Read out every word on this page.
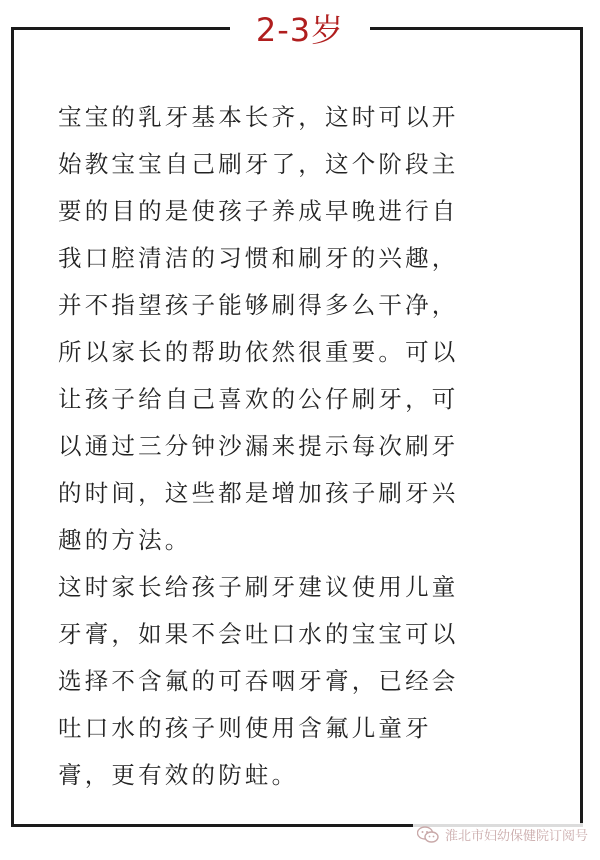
2-3岁

宝宝的乳牙基本长齐，这时可以开
始教宝宝自己刷牙了，这个阶段主
要的目的是使孩子养成早晚进行自
我口腔清洁的习惯和刷牙的兴趣，
并不指望孩子能够刷得多么干净，
所以家长的帮助依然很重要。可以
让孩子给自己喜欢的公仔刷牙，可
以通过三分钟沙漏来提示每次刷牙
的时间，这些都是增加孩子刷牙兴
趣的方法。

这时家长给孩子刷牙建议使用儿童
牙膏，如果不会吐口水的宝宝可以
选择不含氟的可吞咽牙膏，已经会
吐口水的孩子则使用含氟儿童牙
膏，更有效的防蛀。

淮北市妇幼保健院订阅号
